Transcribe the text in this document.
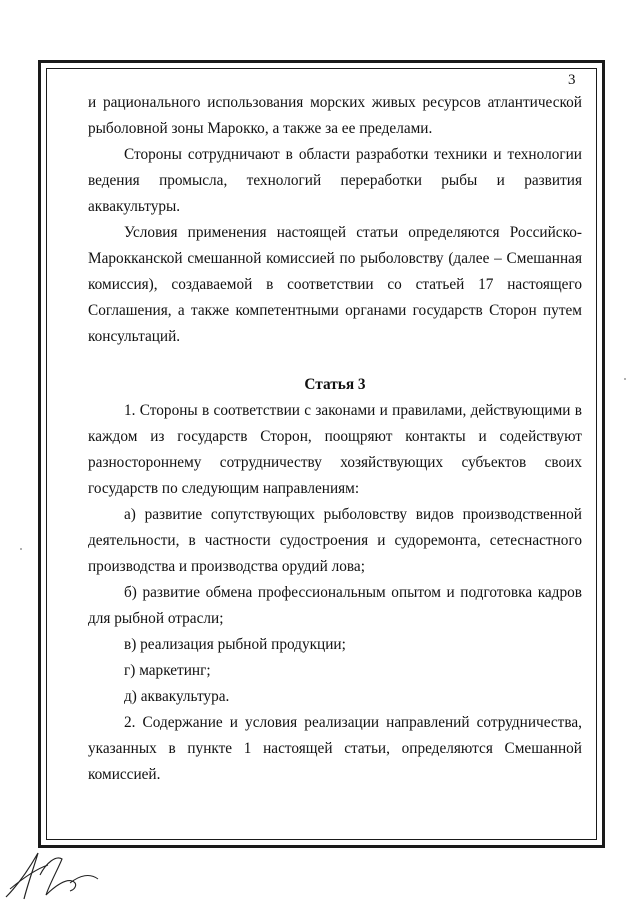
3

и рационального использования морских живых ресурсов атлантической рыболовной зоны Марокко, а также за ее пределами.

Стороны сотрудничают в области разработки техники и технологии ведения промысла, технологий переработки рыбы и развития аквакультуры.

Условия применения настоящей статьи определяются Российско-Марокканской смешанной комиссией по рыболовству (далее – Смешанная комиссия), создаваемой в соответствии со статьей 17 настоящего Соглашения, а также компетентными органами государств Сторон путем консультаций.

Статья 3

1. Стороны в соответствии с законами и правилами, действующими в каждом из государств Сторон, поощряют контакты и содействуют разностороннему сотрудничеству хозяйствующих субъектов своих государств по следующим направлениям:

а) развитие сопутствующих рыболовству видов производственной деятельности, в частности судостроения и судоремонта, сетеснастного производства и производства орудий лова;

б) развитие обмена профессиональным опытом и подготовка кадров для рыбной отрасли;

в) реализация рыбной продукции;

г) маркетинг;

д) аквакультура.

2. Содержание и условия реализации направлений сотрудничества, указанных в пункте 1 настоящей статьи, определяются Смешанной комиссией.
